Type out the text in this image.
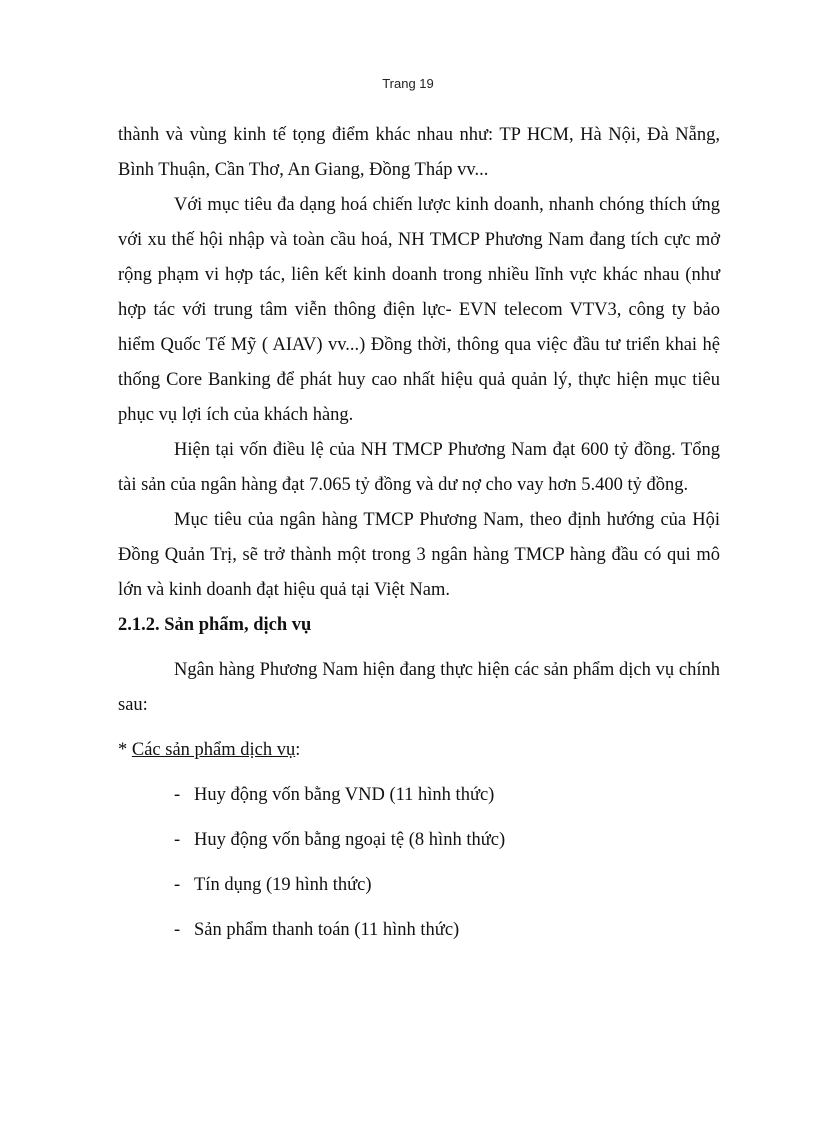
Trang 19

thành và vùng kinh tế tọng điểm khác nhau như: TP HCM, Hà Nội, Đà Nẵng, Bình Thuận, Cần Thơ, An Giang, Đồng Tháp vv...

Với mục tiêu đa dạng hoá chiến lược kinh doanh, nhanh chóng thích ứng với xu thế hội nhập và toàn cầu hoá, NH TMCP Phương Nam đang tích cực mở rộng phạm vi hợp tác, liên kết kinh doanh trong nhiều lĩnh vực khác nhau (như hợp tác với trung tâm viễn thông điện lực- EVN telecom VTV3, công ty bảo hiểm Quốc Tế Mỹ ( AIAV) vv...) Đồng thời, thông qua việc đầu tư triển khai hệ thống Core Banking để phát huy cao nhất hiệu quả quản lý, thực hiện mục tiêu phục vụ lợi ích của khách hàng.

Hiện tại vốn điều lệ của NH TMCP Phương Nam đạt 600 tỷ đồng. Tổng tài sản của ngân hàng đạt 7.065 tỷ đồng và dư nợ cho vay hơn 5.400 tỷ đồng.

Mục tiêu của ngân hàng TMCP Phương Nam, theo định hướng của Hội Đồng Quản Trị, sẽ trở thành một trong 3 ngân hàng TMCP hàng đầu có qui mô lớn và kinh doanh đạt hiệu quả tại Việt Nam.

2.1.2. Sản phẩm, dịch vụ

Ngân hàng Phương Nam hiện đang thực hiện các sản phẩm dịch vụ chính sau:

* Các sản phẩm dịch vụ:

- Huy động vốn bằng VND (11 hình thức)
- Huy động vốn bằng ngoại tệ (8 hình thức)
- Tín dụng (19 hình thức)
- Sản phẩm thanh toán (11 hình thức)
